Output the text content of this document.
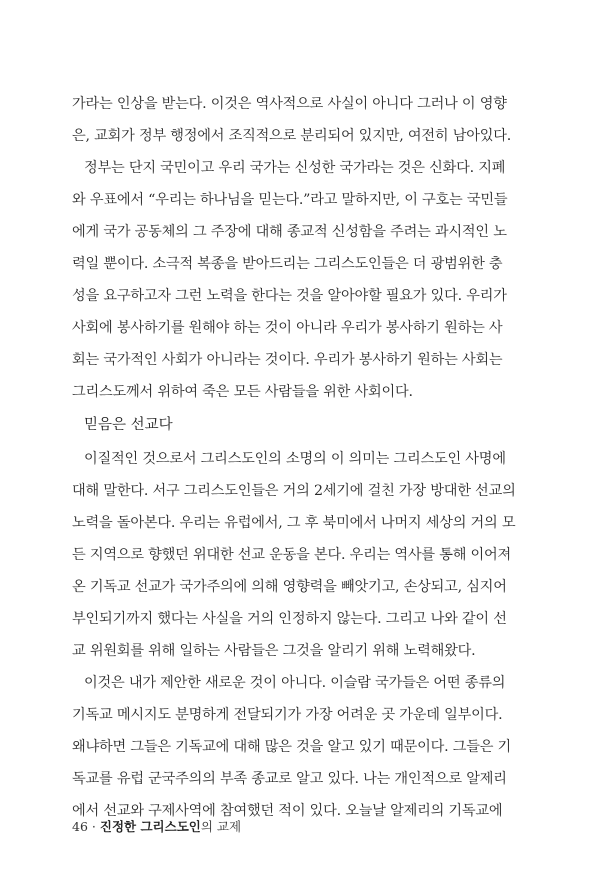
가라는 인상을 받는다. 이것은 역사적으로 사실이 아니다 그러나 이 영향
은, 교회가 정부 행정에서 조직적으로 분리되어 있지만, 여전히 남아있다.
정부는 단지 국민이고 우리 국가는 신성한 국가라는 것은 신화다. 지폐
와 우표에서 “우리는 하나님을 믿는다.”라고 말하지만, 이 구호는 국민들
에게 국가 공동체의 그 주장에 대해 종교적 신성함을 주려는 과시적인 노
력일 뿐이다. 소극적 복종을 받아드리는 그리스도인들은 더 광범위한 충
성을 요구하고자 그런 노력을 한다는 것을 알아야할 필요가 있다. 우리가
사회에 봉사하기를 원해야 하는 것이 아니라 우리가 봉사하기 원하는 사
회는 국가적인 사회가 아니라는 것이다. 우리가 봉사하기 원하는 사회는
그리스도께서 위하여 죽은 모든 사람들을 위한 사회이다.
믿음은 선교다
이질적인 것으로서 그리스도인의 소명의 이 의미는 그리스도인 사명에
대해 말한다. 서구 그리스도인들은 거의 2세기에 걸친 가장 방대한 선교의
노력을 돌아본다. 우리는 유럽에서, 그 후 북미에서 나머지 세상의 거의 모
든 지역으로 향했던 위대한 선교 운동을 본다. 우리는 역사를 통해 이어져
온 기독교 선교가 국가주의에 의해 영향력을 빼앗기고, 손상되고, 심지어
부인되기까지 했다는 사실을 거의 인정하지 않는다. 그리고 나와 같이 선
교 위원회를 위해 일하는 사람들은 그것을 알리기 위해 노력해왔다.
이것은 내가 제안한 새로운 것이 아니다. 이슬람 국가들은 어떤 종류의
기독교 메시지도 분명하게 전달되기가 가장 어려운 곳 가운데 일부이다.
왜냐하면 그들은 기독교에 대해 많은 것을 알고 있기 때문이다. 그들은 기
독교를 유럽 군국주의의 부족 종교로 알고 있다. 나는 개인적으로 알제리
에서 선교와 구제사역에 참여했던 적이 있다. 오늘날 알제리의 기독교에
46 · 진정한 그리스도인의 교제
